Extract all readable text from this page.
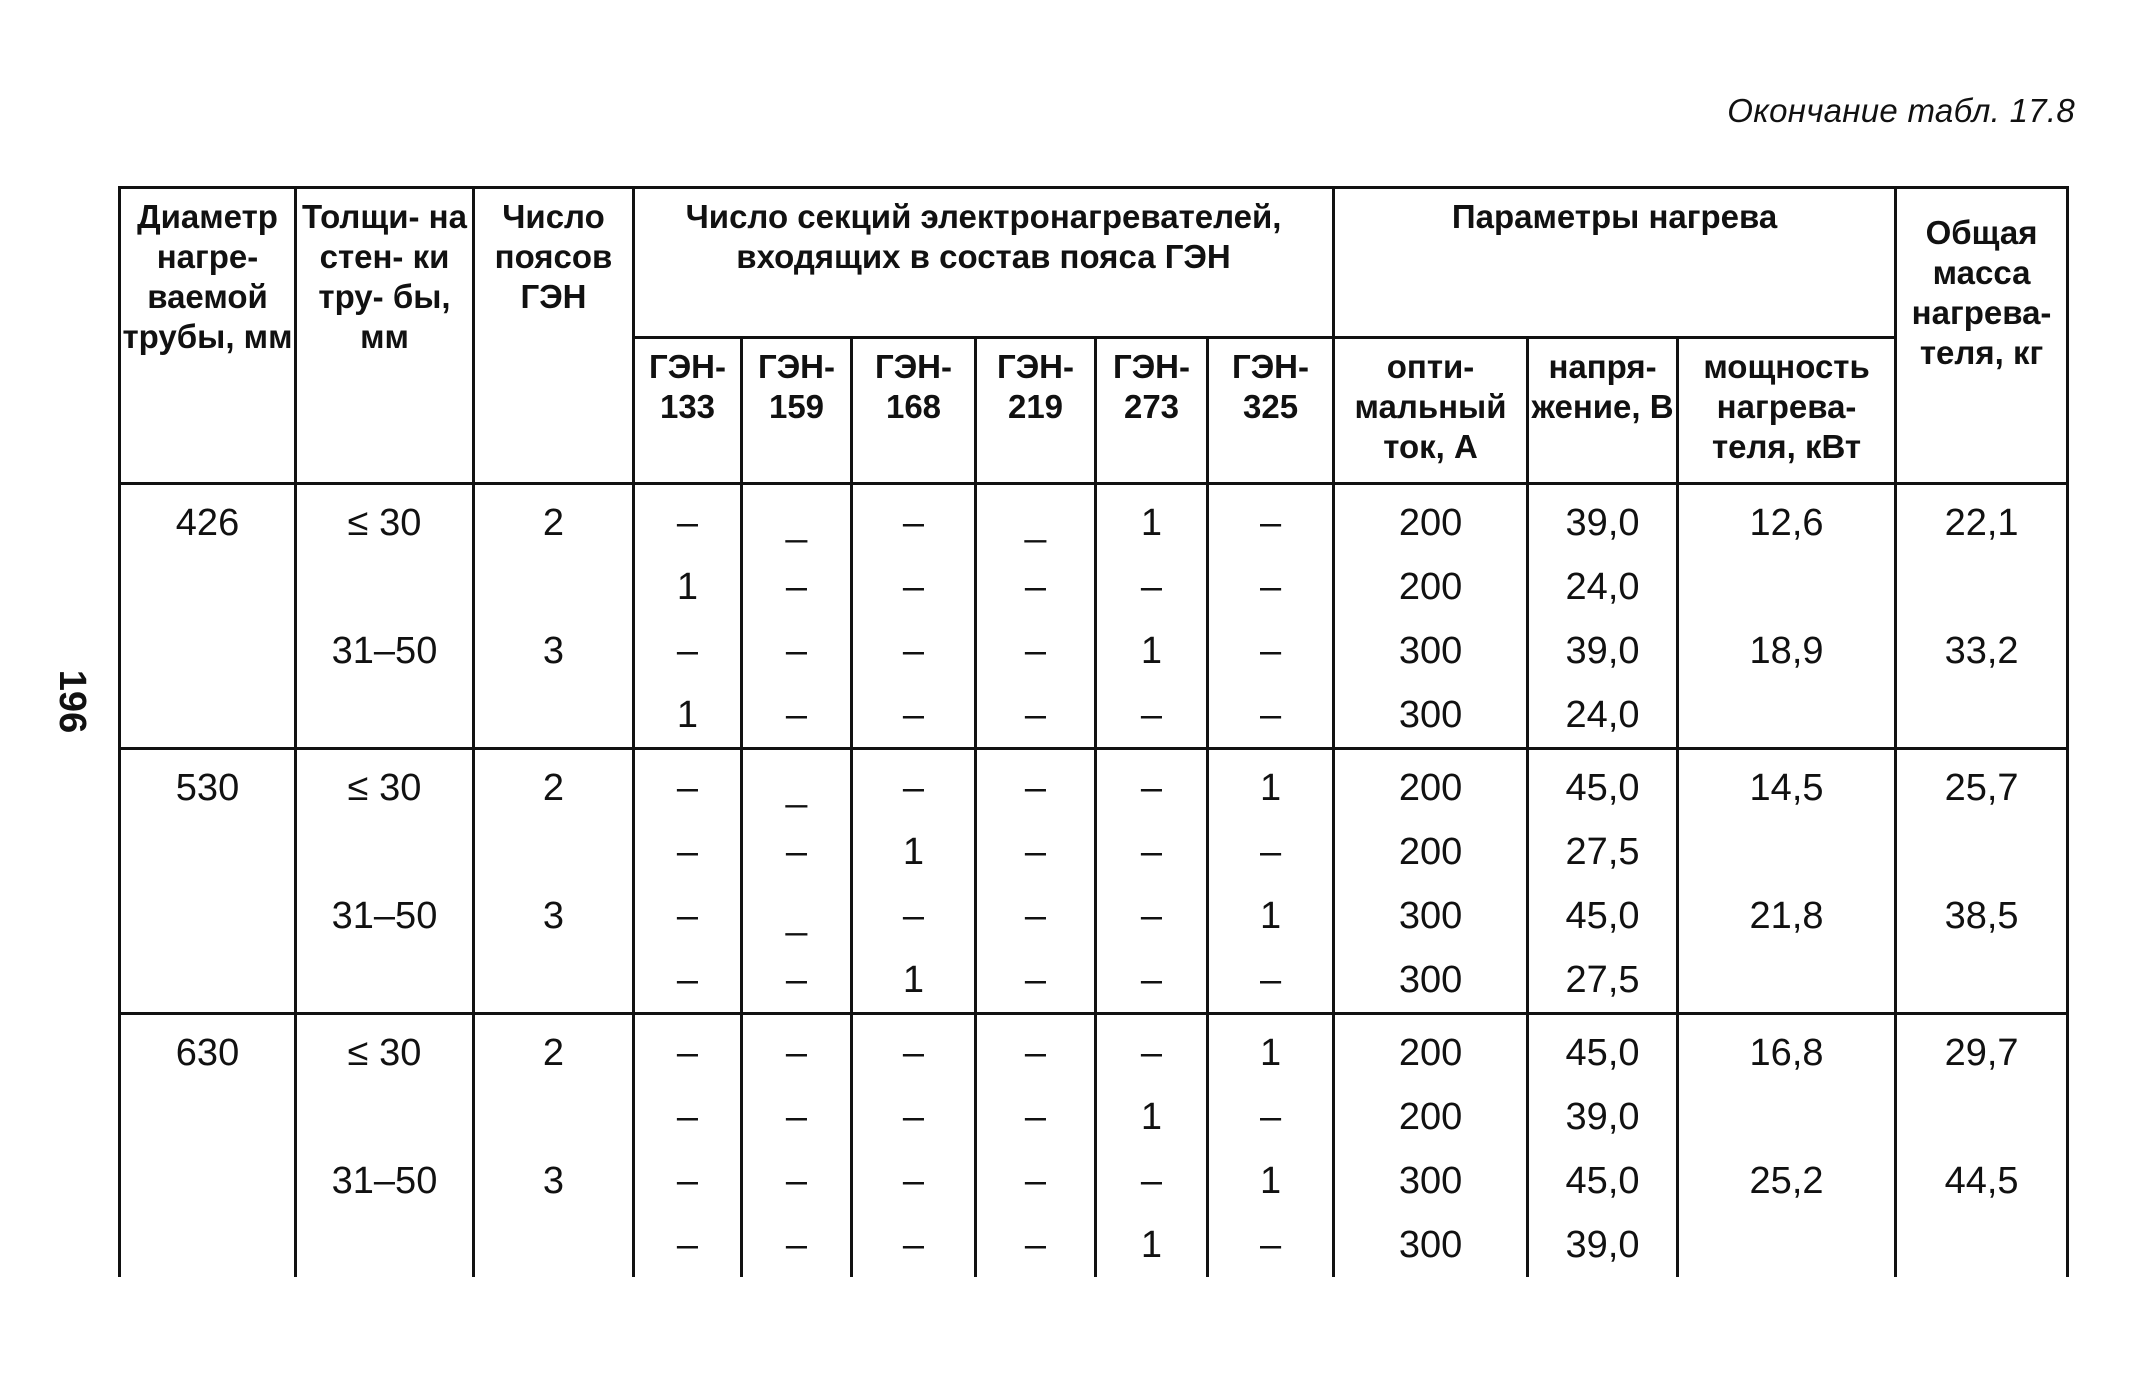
Окончание табл. 17.8
196
Диаметр нагре- ваемой трубы, мм	Толщи- на стен- ки тру- бы, мм	Число поясов ГЭН	Число секций электронагревателей, входящих в состав пояса ГЭН						Параметры нагрева			Общая масса нагрева- теля, кг
			ГЭН- 133	ГЭН- 159	ГЭН- 168	ГЭН- 219	ГЭН- 273	ГЭН- 325	опти- мальный ток, А	напря- жение, В	мощность нагрева- теля, кВт	
426	≤ 30	2	–	_	–	_	1	–	200	39,0	12,6	22,1
			1	–	–	–	–	–	200	24,0		
	31–50	3	–	–	–	–	1	–	300	39,0	18,9	33,2
			1	–	–	–	–	–	300	24,0		
530	≤ 30	2	–	_	–	–	–	1	200	45,0	14,5	25,7
			–	–	1	–	–	–	200	27,5		
	31–50	3	–	_	–	–	–	1	300	45,0	21,8	38,5
			–	–	1	–	–	–	300	27,5		
630	≤ 30	2	–	–	–	–	–	1	200	45,0	16,8	29,7
			–	–	–	–	1	–	200	39,0		
	31–50	3	–	–	–	–	–	1	300	45,0	25,2	44,5
			–	–	–	–	1	–	300	39,0		
